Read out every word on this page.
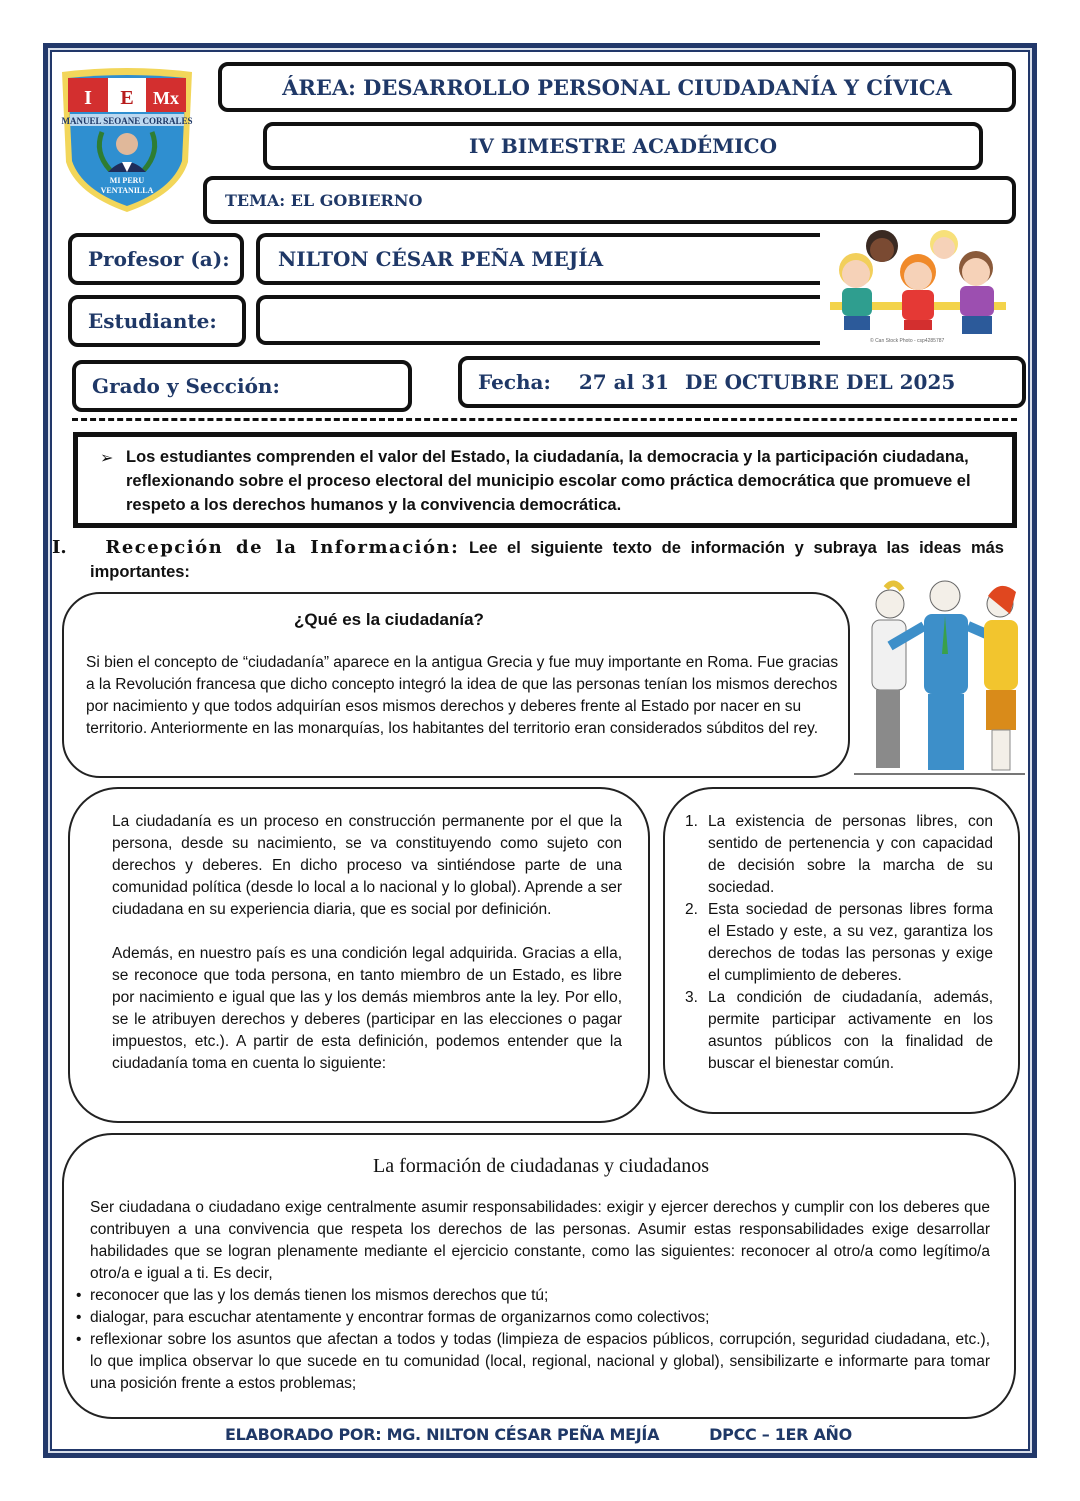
I E Mx
MANUEL SEOANE CORRALES
MI PERU
VENTANILLA
ÁREA: DESARROLLO PERSONAL CIUDADANÍA Y CÍVICA
IV BIMESTRE ACADÉMICO
TEMA: EL GOBIERNO
Profesor (a): NILTON CÉSAR PEÑA MEJÍA
Estudiante:
Grado y Sección:	Fecha: 27 al 31 DE OCTUBRE DEL 2025
© Can Stock Photo - csp4285787
➢ Los estudiantes comprenden el valor del Estado, la ciudadanía, la democracia y la participación ciudadana, reflexionando sobre el proceso electoral del municipio escolar como práctica democrática que promueve el respeto a los derechos humanos y la convivencia democrática.
I. Recepción de la Información: Lee el siguiente texto de información y subraya las ideas más importantes:
¿Qué es la ciudadanía?
Si bien el concepto de “ciudadanía” aparece en la antigua Grecia y fue muy importante en Roma. Fue gracias a la Revolución francesa que dicho concepto integró la idea de que las personas tenían los mismos derechos por nacimiento y que todos adquirían esos mismos derechos y deberes frente al Estado por nacer en su territorio. Anteriormente en las monarquías, los habitantes del territorio eran considerados súbditos del rey.

La ciudadanía es un proceso en construcción permanente por el que la persona, desde su nacimiento, se va constituyendo como sujeto con derechos y deberes. En dicho proceso va sintiéndose parte de una comunidad política (desde lo local a lo nacional y lo global). Aprende a ser ciudadana en su experiencia diaria, que es social por definición.

Además, en nuestro país es una condición legal adquirida. Gracias a ella, se reconoce que toda persona, en tanto miembro de un Estado, es libre por nacimiento e igual que las y los demás miembros ante la ley. Por ello, se le atribuyen derechos y deberes (participar en las elecciones o pagar impuestos, etc.). A partir de esta definición, podemos entender que la ciudadanía toma en cuenta lo siguiente:

1. La existencia de personas libres, con sentido de pertenencia y con capacidad de decisión sobre la marcha de su sociedad.
2. Esta sociedad de personas libres forma el Estado y este, a su vez, garantiza los derechos de todas las personas y exige el cumplimiento de deberes.
3. La condición de ciudadanía, además, permite participar activamente en los asuntos públicos con la finalidad de buscar el bienestar común.
La formación de ciudadanas y ciudadanos
Ser ciudadana o ciudadano exige centralmente asumir responsabilidades: exigir y ejercer derechos y cumplir con los deberes que contribuyen a una convivencia que respeta los derechos de las personas. Asumir estas responsabilidades exige desarrollar habilidades que se logran plenamente mediante el ejercicio constante, como las siguientes: reconocer al otro/a como legítimo/a otro/a e igual a ti. Es decir,
• reconocer que las y los demás tienen los mismos derechos que tú;
• dialogar, para escuchar atentamente y encontrar formas de organizarnos como colectivos;
• reflexionar sobre los asuntos que afectan a todos y todas (limpieza de espacios públicos, corrupción, seguridad ciudadana, etc.), lo que implica observar lo que sucede en tu comunidad (local, regional, nacional y global), sensibilizarte e informarte para tomar una posición frente a estos problemas;
ELABORADO POR: MG. NILTON CÉSAR PEÑA MEJÍA	DPCC – 1ER AÑO
